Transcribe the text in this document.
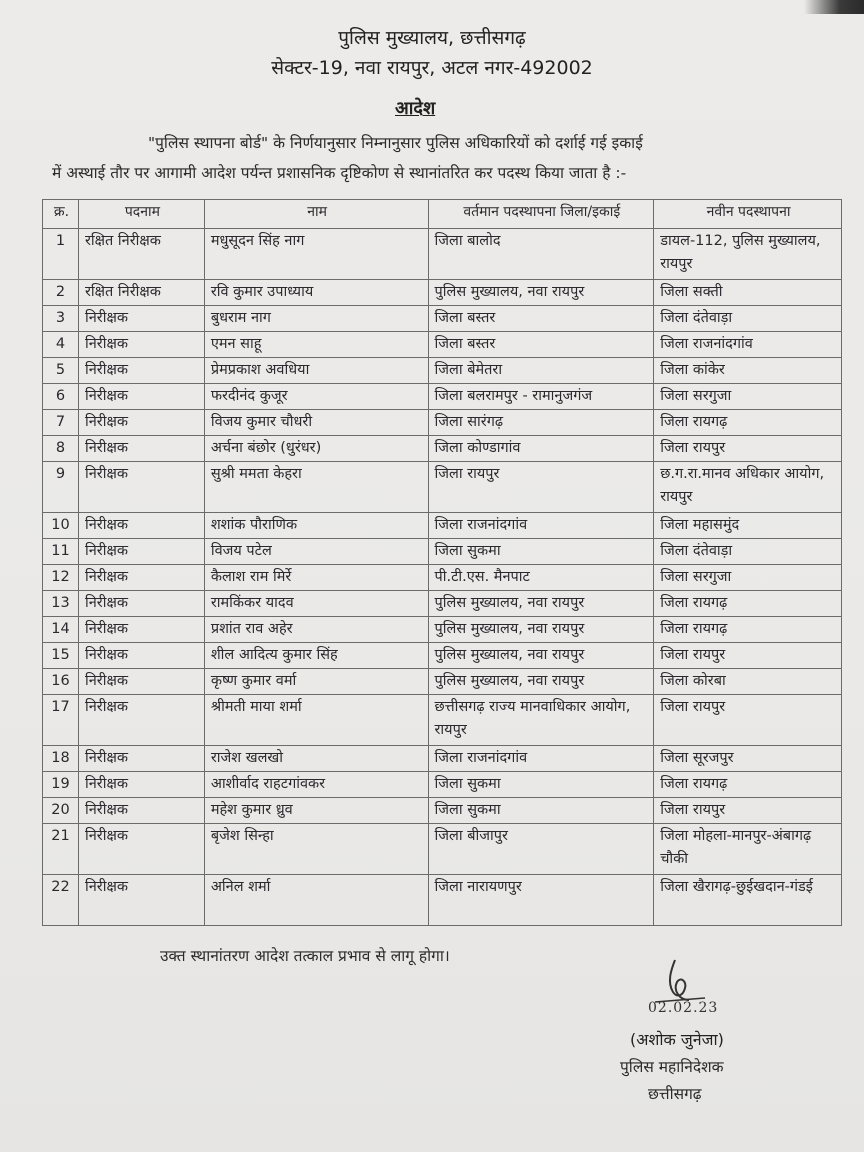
पुलिस मुख्यालय, छत्तीसगढ़
सेक्टर-19, नवा रायपुर, अटल नगर-492002
आदेश
"पुलिस स्थापना बोर्ड" के निर्णयानुसार निम्नानुसार पुलिस अधिकारियों को दर्शाई गई इकाई
में अस्थाई तौर पर आगामी आदेश पर्यन्त प्रशासनिक दृष्टिकोण से स्थानांतरित कर पदस्थ किया जाता है :-
क्र.	पदनाम	नाम	वर्तमान पदस्थापना जिला/इकाई	नवीन पदस्थापना
1	रक्षित निरीक्षक	मधुसूदन सिंह नाग	जिला बालोद	डायल-112, पुलिस मुख्यालय, रायपुर
2	रक्षित निरीक्षक	रवि कुमार उपाध्याय	पुलिस मुख्यालय, नवा रायपुर	जिला सक्ती
3	निरीक्षक	बुधराम नाग	जिला बस्तर	जिला दंतेवाड़ा
4	निरीक्षक	एमन साहू	जिला बस्तर	जिला राजनांदगांव
5	निरीक्षक	प्रेमप्रकाश अवधिया	जिला बेमेतरा	जिला कांकेर
6	निरीक्षक	फरदीनंद कुजूर	जिला बलरामपुर - रामानुजगंज	जिला सरगुजा
7	निरीक्षक	विजय कुमार चौधरी	जिला सारंगढ़	जिला रायगढ़
8	निरीक्षक	अर्चना बंछोर (धुरंधर)	जिला कोण्डागांव	जिला रायपुर
9	निरीक्षक	सुश्री ममता केहरा	जिला रायपुर	छ.ग.रा.मानव अधिकार आयोग, रायपुर
10	निरीक्षक	शशांक पौराणिक	जिला राजनांदगांव	जिला महासमुंद
11	निरीक्षक	विजय पटेल	जिला सुकमा	जिला दंतेवाड़ा
12	निरीक्षक	कैलाश राम मिर्रे	पी.टी.एस. मैनपाट	जिला सरगुजा
13	निरीक्षक	रामकिंकर यादव	पुलिस मुख्यालय, नवा रायपुर	जिला रायगढ़
14	निरीक्षक	प्रशांत राव अहेर	पुलिस मुख्यालय, नवा रायपुर	जिला रायगढ़
15	निरीक्षक	शील आदित्य कुमार सिंह	पुलिस मुख्यालय, नवा रायपुर	जिला रायपुर
16	निरीक्षक	कृष्ण कुमार वर्मा	पुलिस मुख्यालय, नवा रायपुर	जिला कोरबा
17	निरीक्षक	श्रीमती माया शर्मा	छत्तीसगढ़ राज्य मानवाधिकार आयोग, रायपुर	जिला रायपुर
18	निरीक्षक	राजेश खलखो	जिला राजनांदगांव	जिला सूरजपुर
19	निरीक्षक	आशीर्वाद राहटगांवकर	जिला सुकमा	जिला रायगढ़
20	निरीक्षक	महेश कुमार ध्रुव	जिला सुकमा	जिला रायपुर
21	निरीक्षक	बृजेश सिन्हा	जिला बीजापुर	जिला मोहला-मानपुर-अंबागढ़ चौकी
22	निरीक्षक	अनिल शर्मा	जिला नारायणपुर	जिला खैरागढ़-छुईखदान-गंडई
उक्त स्थानांतरण आदेश तत्काल प्रभाव से लागू होगा।
02.02.23
(अशोक जुनेजा)
पुलिस महानिदेशक
छत्तीसगढ़
